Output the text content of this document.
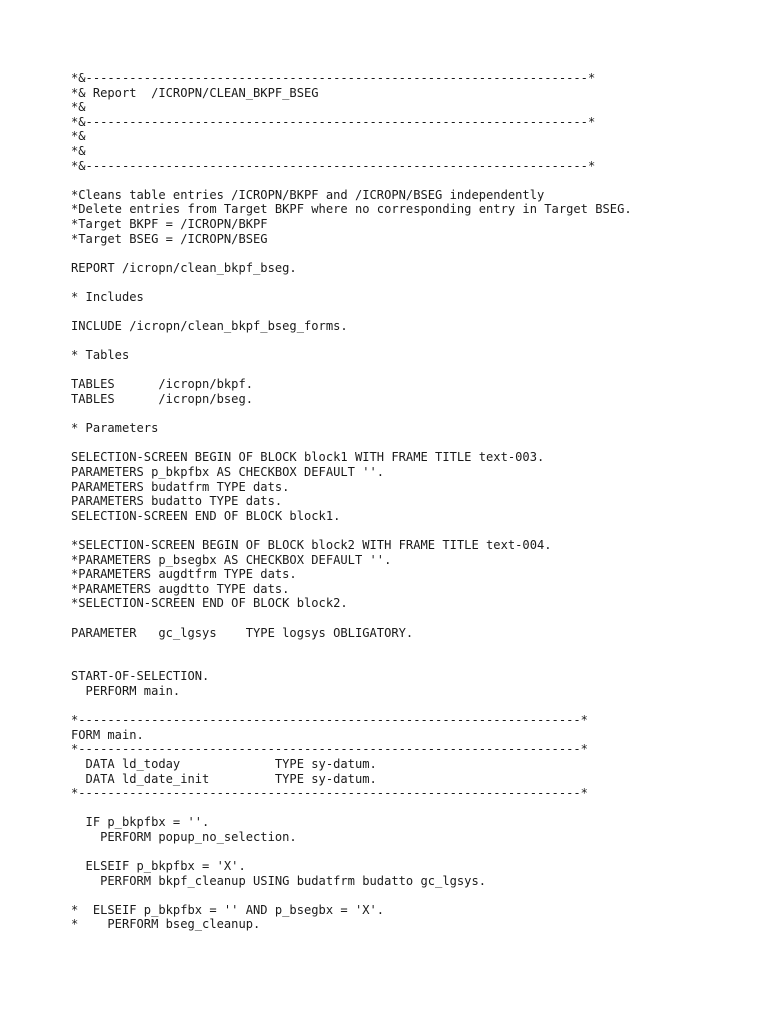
*&---------------------------------------------------------------------*
*& Report  /ICROPN/CLEAN_BKPF_BSEG
*&
*&---------------------------------------------------------------------*
*&
*&
*&---------------------------------------------------------------------*
*Cleans table entries /ICROPN/BKPF and /ICROPN/BSEG independently
*Delete entries from Target BKPF where no corresponding entry in Target BSEG.
*Target BKPF = /ICROPN/BKPF
*Target BSEG = /ICROPN/BSEG
REPORT /icropn/clean_bkpf_bseg.
* Includes
INCLUDE /icropn/clean_bkpf_bseg_forms.
* Tables
TABLES      /icropn/bkpf.
TABLES      /icropn/bseg.
* Parameters
SELECTION-SCREEN BEGIN OF BLOCK block1 WITH FRAME TITLE text-003.
PARAMETERS p_bkpfbx AS CHECKBOX DEFAULT ''.
PARAMETERS budatfrm TYPE dats.
PARAMETERS budatto TYPE dats.
SELECTION-SCREEN END OF BLOCK block1.
*SELECTION-SCREEN BEGIN OF BLOCK block2 WITH FRAME TITLE text-004.
*PARAMETERS p_bsegbx AS CHECKBOX DEFAULT ''.
*PARAMETERS augdtfrm TYPE dats.
*PARAMETERS augdtto TYPE dats.
*SELECTION-SCREEN END OF BLOCK block2.
PARAMETER   gc_lgsys    TYPE logsys OBLIGATORY.
START-OF-SELECTION.
PERFORM main.
*---------------------------------------------------------------------*
FORM main.
*---------------------------------------------------------------------*
DATA ld_today             TYPE sy-datum.
DATA ld_date_init         TYPE sy-datum.
*---------------------------------------------------------------------*
IF p_bkpfbx = ''.
PERFORM popup_no_selection.
ELSEIF p_bkpfbx = 'X'.
PERFORM bkpf_cleanup USING budatfrm budatto gc_lgsys.
*  ELSEIF p_bkpfbx = '' AND p_bsegbx = 'X'.
*    PERFORM bseg_cleanup.
